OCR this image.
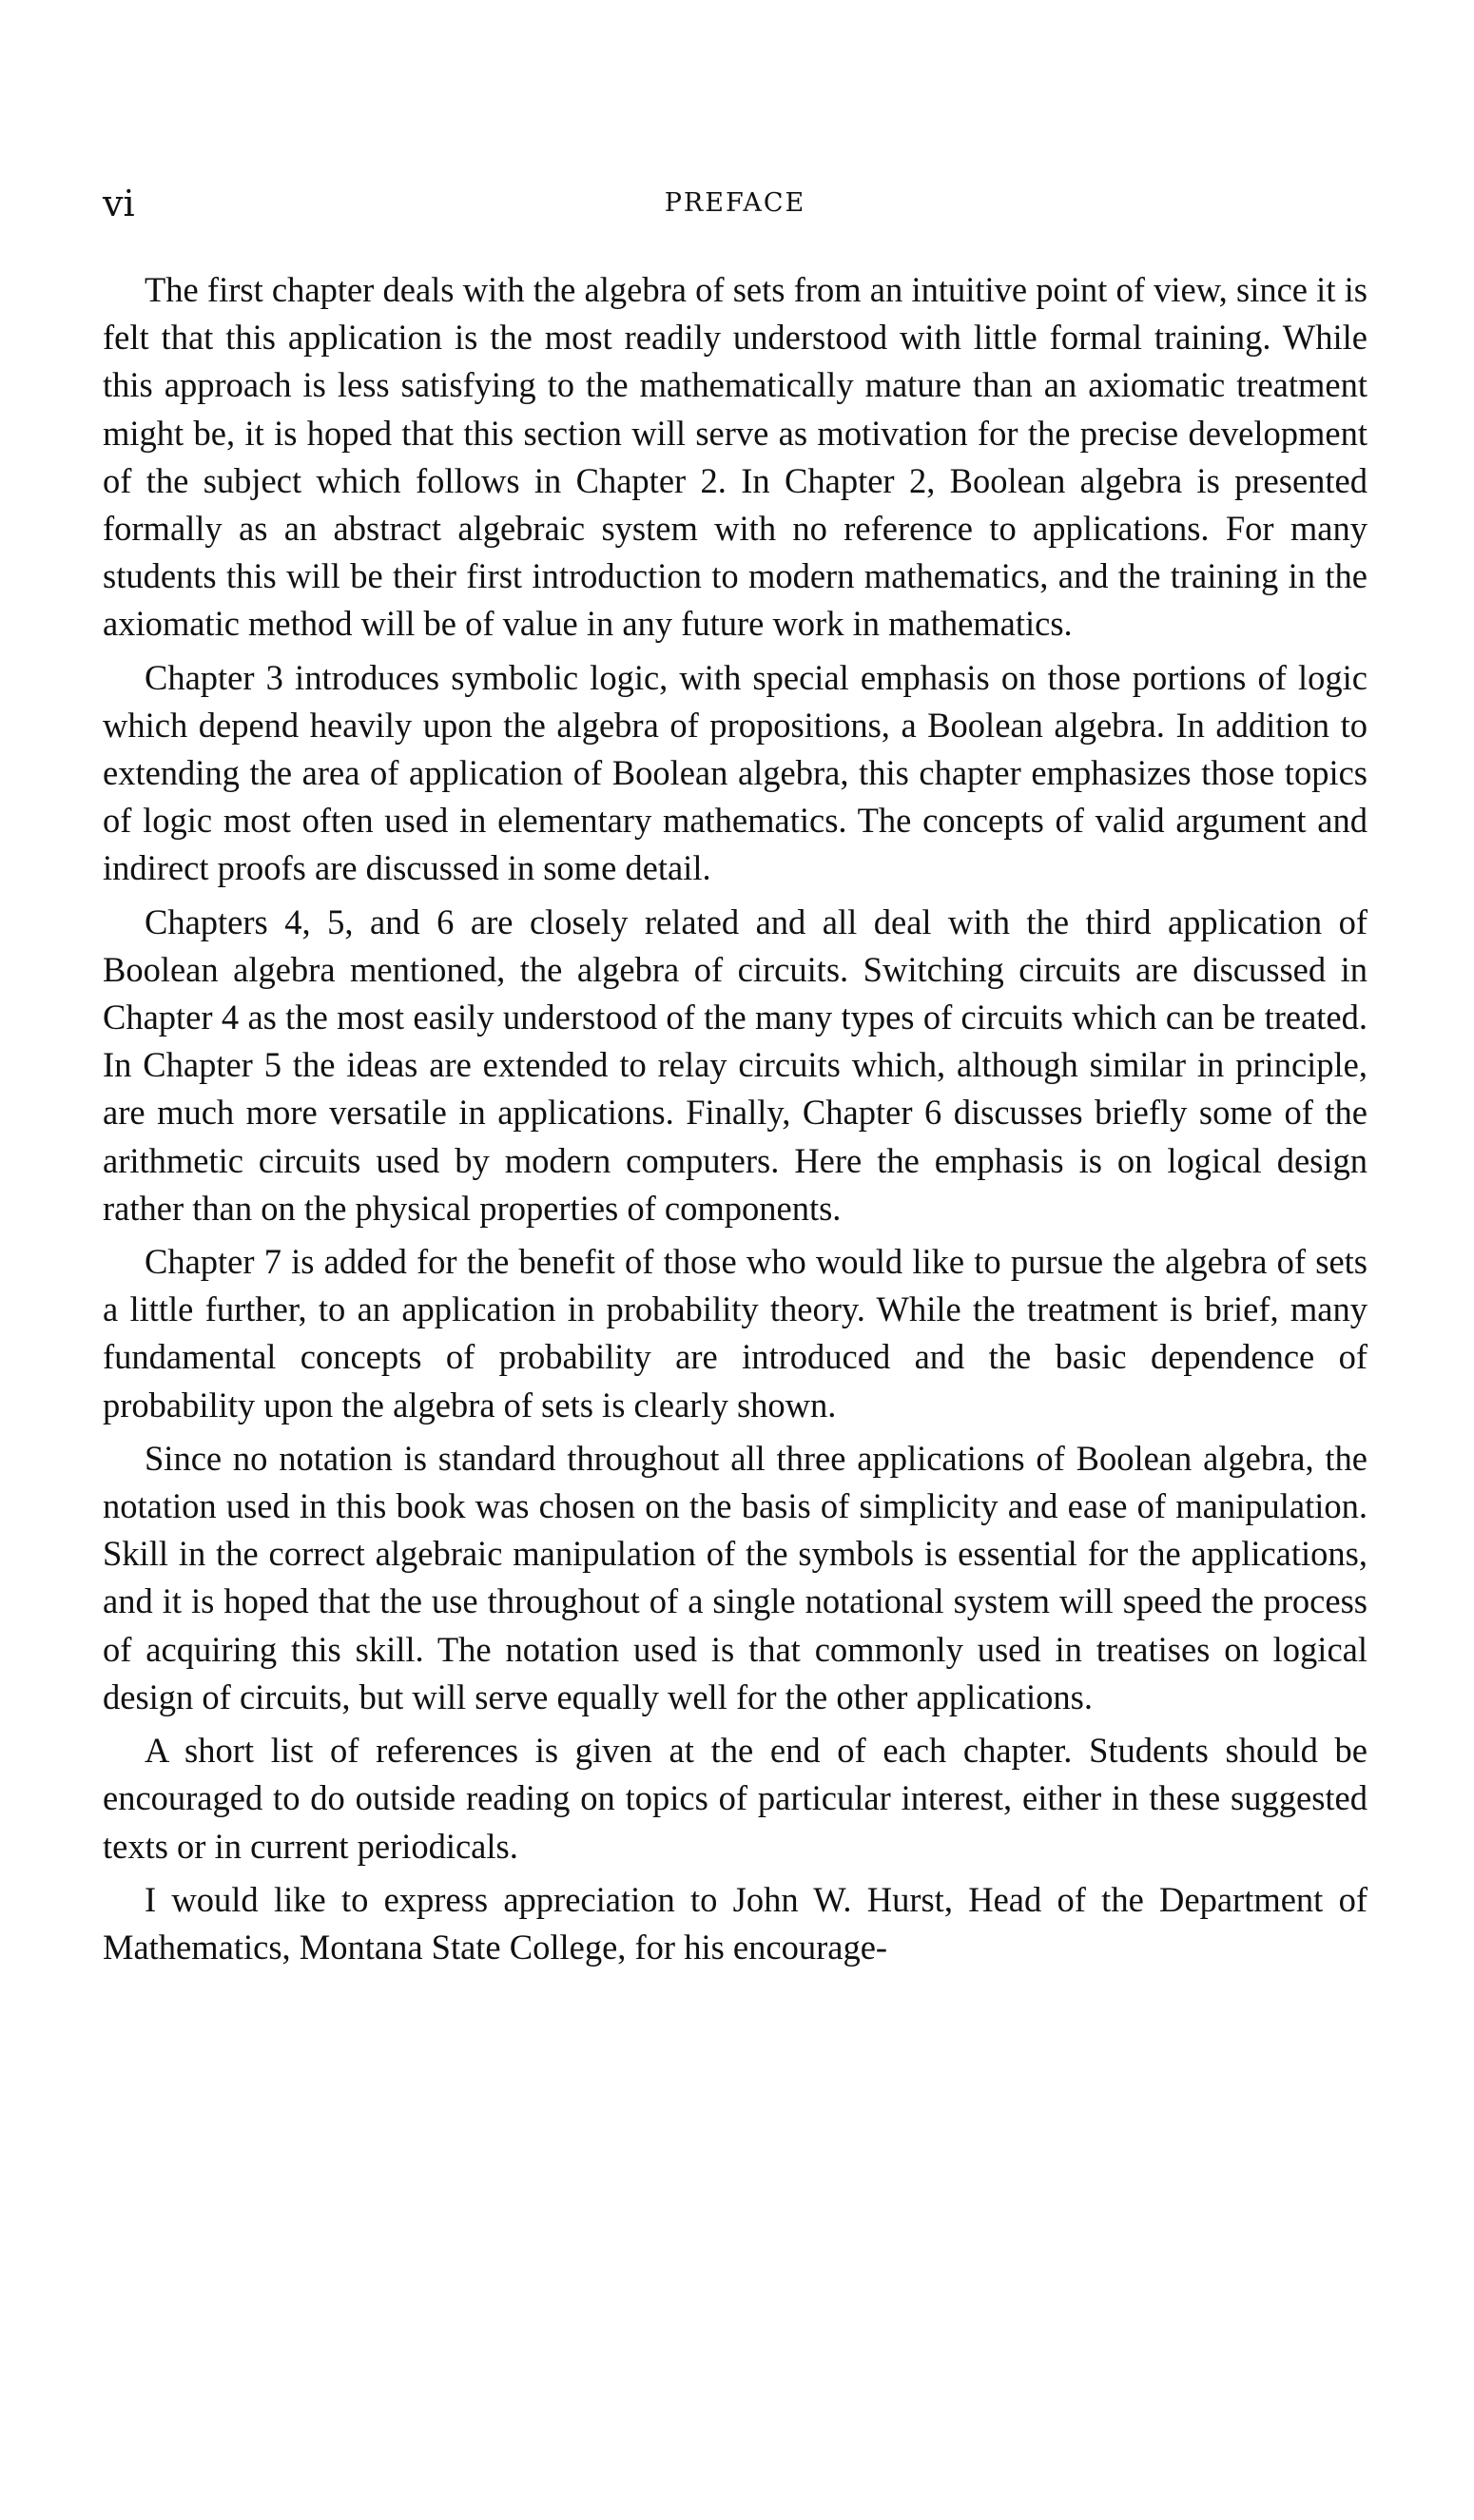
vi	PREFACE

The first chapter deals with the algebra of sets from an intuitive point of view, since it is felt that this application is the most readily understood with little formal training. While this approach is less satisfying to the mathematically mature than an axiomatic treatment might be, it is hoped that this section will serve as motivation for the precise development of the subject which follows in Chapter 2. In Chapter 2, Boolean algebra is presented formally as an abstract algebraic system with no reference to applications. For many students this will be their first introduction to modern mathematics, and the training in the axiomatic method will be of value in any future work in mathematics.

Chapter 3 introduces symbolic logic, with special emphasis on those portions of logic which depend heavily upon the algebra of propositions, a Boolean algebra. In addition to extending the area of application of Boolean algebra, this chapter emphasizes those topics of logic most often used in elementary mathematics. The concepts of valid argument and indirect proofs are discussed in some detail.

Chapters 4, 5, and 6 are closely related and all deal with the third application of Boolean algebra mentioned, the algebra of circuits. Switching circuits are discussed in Chapter 4 as the most easily understood of the many types of circuits which can be treated. In Chapter 5 the ideas are extended to relay circuits which, although similar in principle, are much more versatile in applications. Finally, Chapter 6 discusses briefly some of the arithmetic circuits used by modern computers. Here the emphasis is on logical design rather than on the physical properties of components.

Chapter 7 is added for the benefit of those who would like to pursue the algebra of sets a little further, to an application in probability theory. While the treatment is brief, many fundamental concepts of probability are introduced and the basic dependence of probability upon the algebra of sets is clearly shown.

Since no notation is standard throughout all three applications of Boolean algebra, the notation used in this book was chosen on the basis of simplicity and ease of manipulation. Skill in the correct algebraic manipulation of the symbols is essential for the applications, and it is hoped that the use throughout of a single notational system will speed the process of acquiring this skill. The notation used is that commonly used in treatises on logical design of circuits, but will serve equally well for the other applications.

A short list of references is given at the end of each chapter. Students should be encouraged to do outside reading on topics of particular interest, either in these suggested texts or in current periodicals.

I would like to express appreciation to John W. Hurst, Head of the Department of Mathematics, Montana State College, for his encourage-
